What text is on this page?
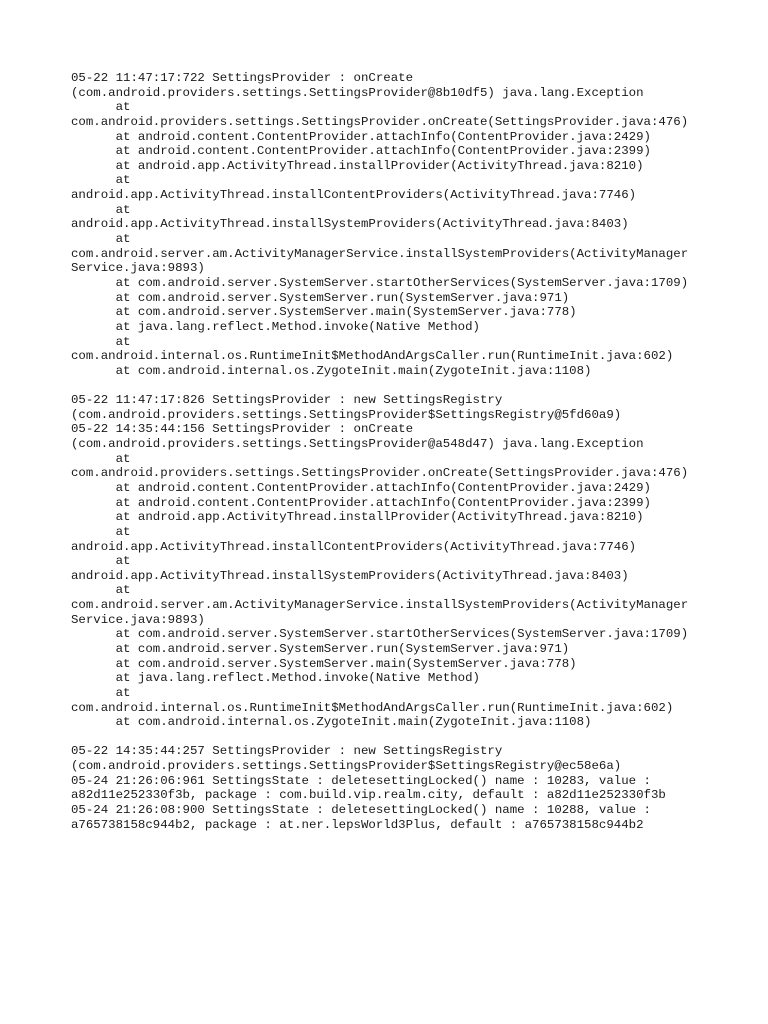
05-22 11:47:17:722 SettingsProvider : onCreate
(com.android.providers.settings.SettingsProvider@8b10df5) java.lang.Exception
at
com.android.providers.settings.SettingsProvider.onCreate(SettingsProvider.java:476)
at android.content.ContentProvider.attachInfo(ContentProvider.java:2429)
at android.content.ContentProvider.attachInfo(ContentProvider.java:2399)
at android.app.ActivityThread.installProvider(ActivityThread.java:8210)
at
android.app.ActivityThread.installContentProviders(ActivityThread.java:7746)
at
android.app.ActivityThread.installSystemProviders(ActivityThread.java:8403)
at
com.android.server.am.ActivityManagerService.installSystemProviders(ActivityManager
Service.java:9893)
at com.android.server.SystemServer.startOtherServices(SystemServer.java:1709)
at com.android.server.SystemServer.run(SystemServer.java:971)
at com.android.server.SystemServer.main(SystemServer.java:778)
at java.lang.reflect.Method.invoke(Native Method)
at
com.android.internal.os.RuntimeInit$MethodAndArgsCaller.run(RuntimeInit.java:602)
at com.android.internal.os.ZygoteInit.main(ZygoteInit.java:1108)
05-22 11:47:17:826 SettingsProvider : new SettingsRegistry
(com.android.providers.settings.SettingsProvider$SettingsRegistry@5fd60a9)
05-22 14:35:44:156 SettingsProvider : onCreate
(com.android.providers.settings.SettingsProvider@a548d47) java.lang.Exception
at
com.android.providers.settings.SettingsProvider.onCreate(SettingsProvider.java:476)
at android.content.ContentProvider.attachInfo(ContentProvider.java:2429)
at android.content.ContentProvider.attachInfo(ContentProvider.java:2399)
at android.app.ActivityThread.installProvider(ActivityThread.java:8210)
at
android.app.ActivityThread.installContentProviders(ActivityThread.java:7746)
at
android.app.ActivityThread.installSystemProviders(ActivityThread.java:8403)
at
com.android.server.am.ActivityManagerService.installSystemProviders(ActivityManager
Service.java:9893)
at com.android.server.SystemServer.startOtherServices(SystemServer.java:1709)
at com.android.server.SystemServer.run(SystemServer.java:971)
at com.android.server.SystemServer.main(SystemServer.java:778)
at java.lang.reflect.Method.invoke(Native Method)
at
com.android.internal.os.RuntimeInit$MethodAndArgsCaller.run(RuntimeInit.java:602)
at com.android.internal.os.ZygoteInit.main(ZygoteInit.java:1108)
05-22 14:35:44:257 SettingsProvider : new SettingsRegistry
(com.android.providers.settings.SettingsProvider$SettingsRegistry@ec58e6a)
05-24 21:26:06:961 SettingsState : deletesettingLocked() name : 10283, value :
a82d11e252330f3b, package : com.build.vip.realm.city, default : a82d11e252330f3b
05-24 21:26:08:900 SettingsState : deletesettingLocked() name : 10288, value :
a765738158c944b2, package : at.ner.lepsWorld3Plus, default : a765738158c944b2
